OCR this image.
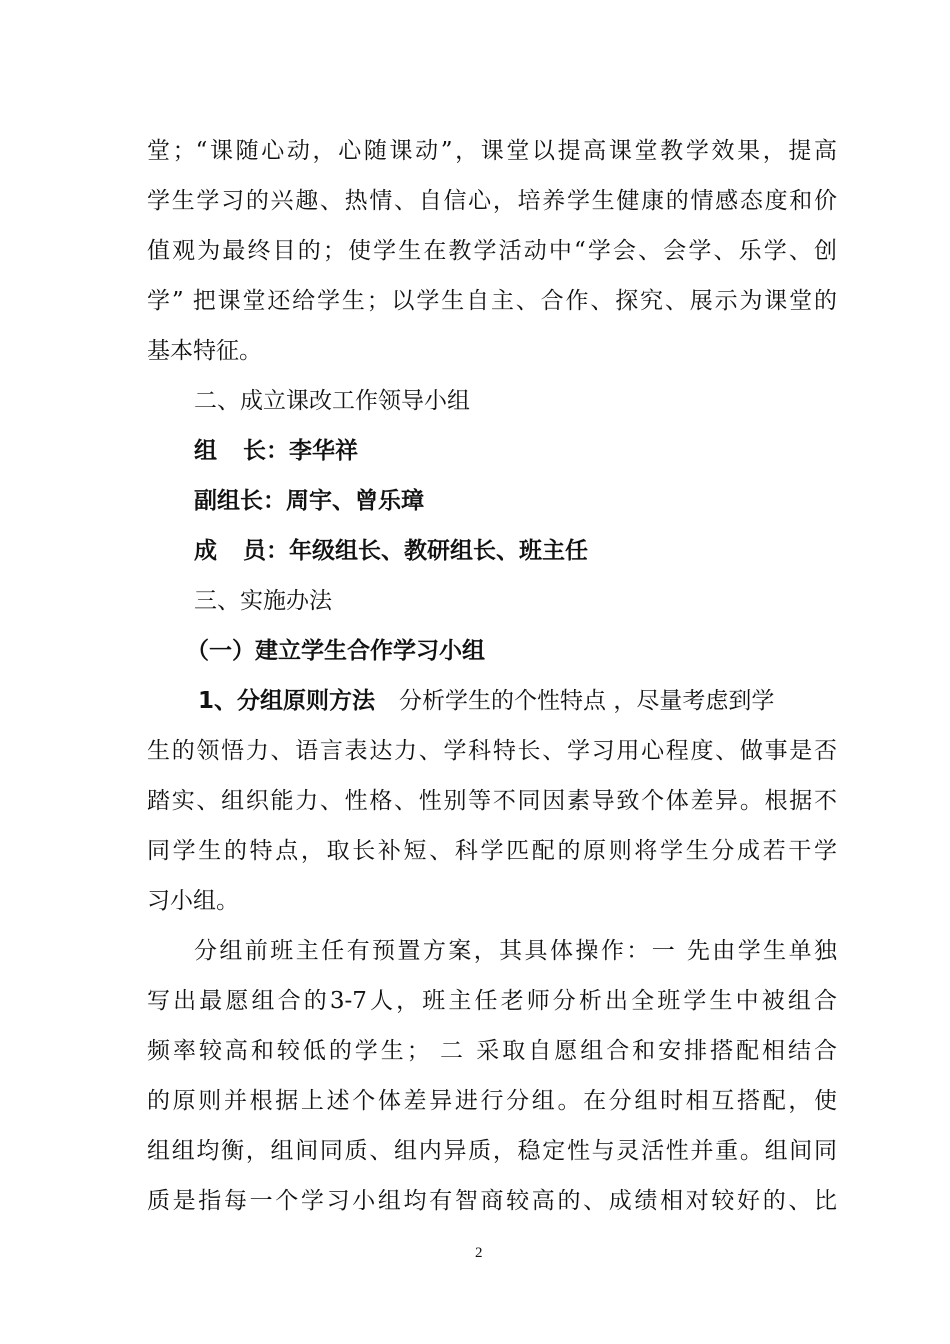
堂；“课随心动，心随课动”，课堂以提高课堂教学效果，提高
学生学习的兴趣、热情、自信心，培养学生健康的情感态度和价
值观为最终目的；使学生在教学活动中“学会、会学、乐学、创
学” 把课堂还给学生；以学生自主、合作、探究、展示为课堂的
基本特征。
二、成立课改工作领导小组
组 长：李华祥
副组长：周宇、曾乐璋
成 员：年级组长、教研组长、班主任
三、实施办法
（一）建立学生合作学习小组
1、分组原则方法 分析学生的个性特点 ，尽量考虑到学
生的领悟力、语言表达力、学科特长、学习用心程度、做事是否
踏实、组织能力、性格、性别等不同因素导致个体差异。根据不
同学生的特点，取长补短、科学匹配的原则将学生分成若干学
习小组。
分组前班主任有预置方案，其具体操作：一 先由学生单独
写出最愿组合的3-7人，班主任老师分析出全班学生中被组合
频率较高和较低的学生； 二 采取自愿组合和安排搭配相结合
的原则并根据上述个体差异进行分组。在分组时相互搭配，使
组组均衡，组间同质、组内异质，稳定性与灵活性并重。组间同
质是指每一个学习小组均有智商较高的、成绩相对较好的、比
2
